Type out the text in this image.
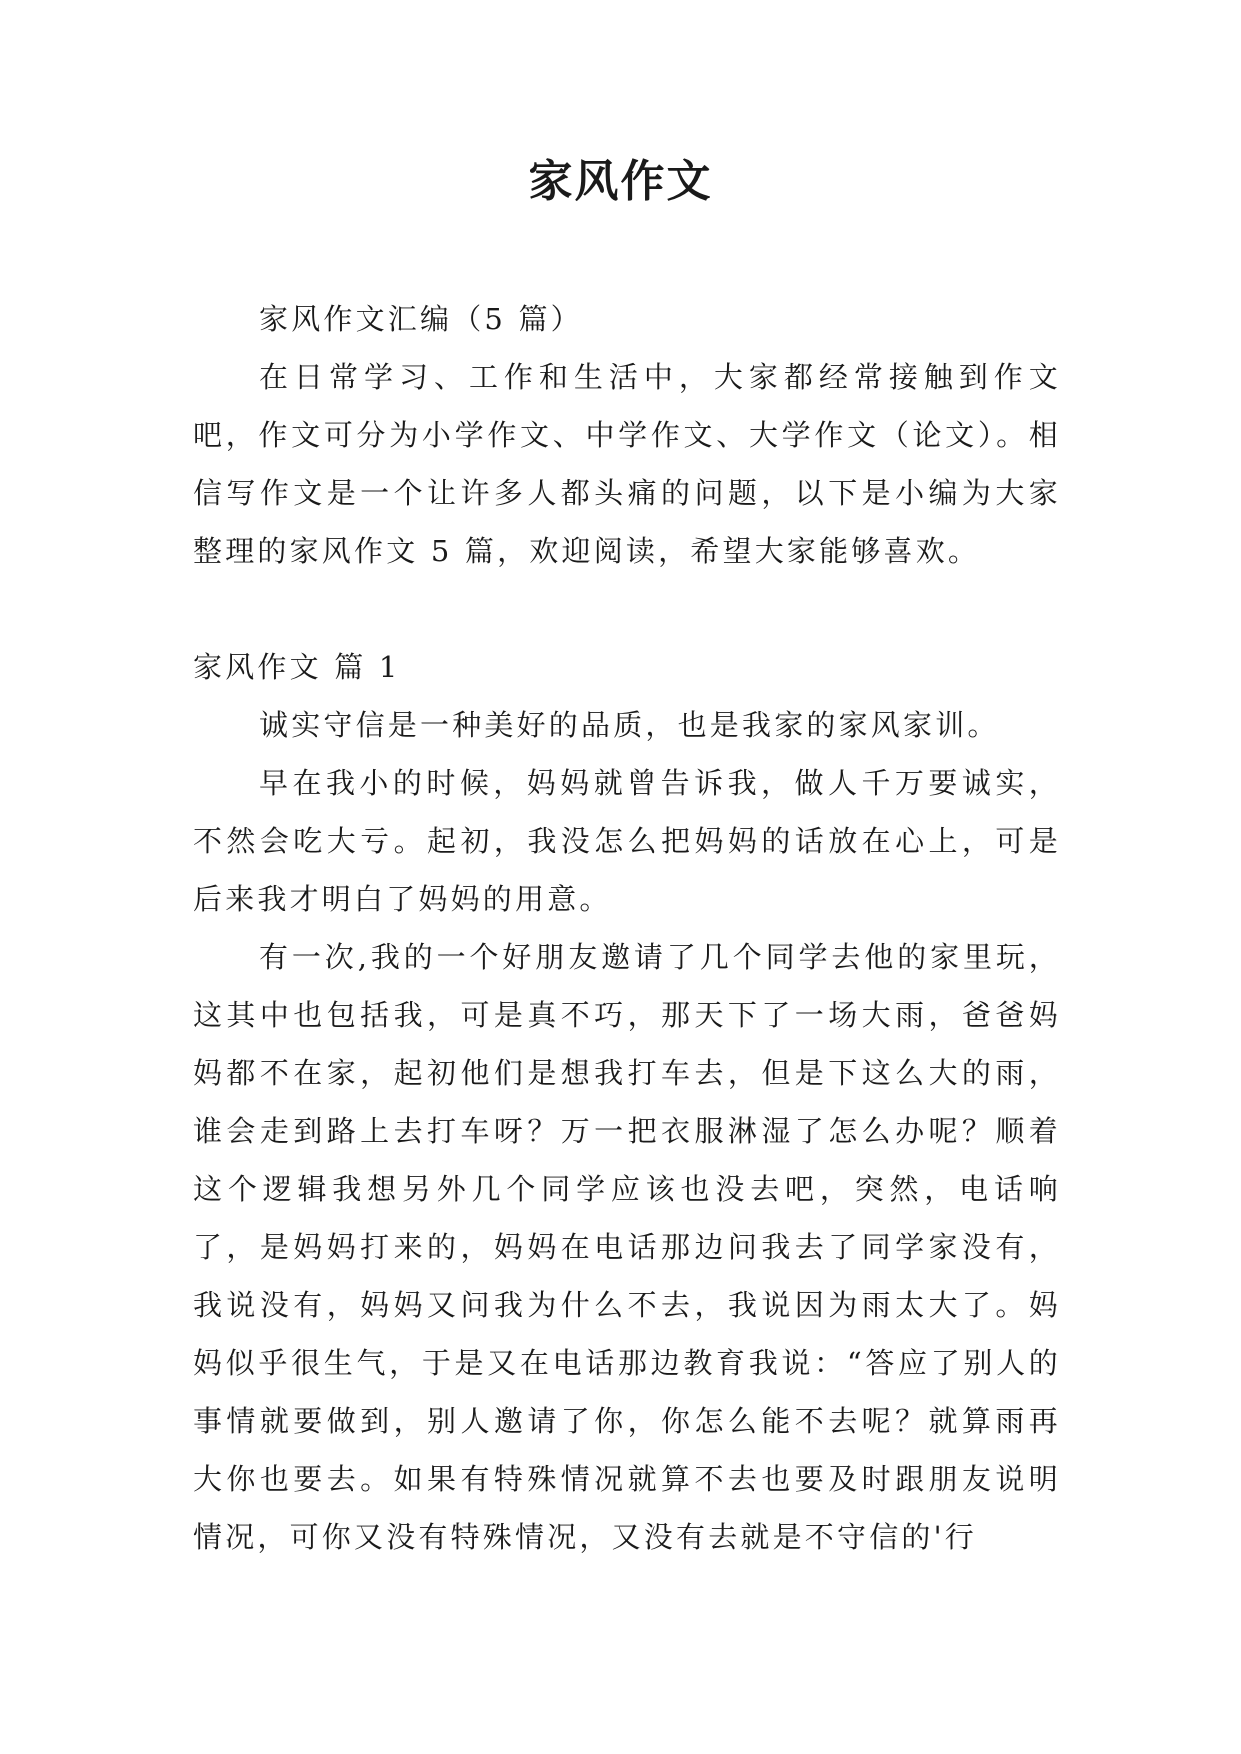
家风作文

家风作文汇编（5 篇）

在日常学习、工作和生活中，大家都经常接触到作文吧，作文可分为小学作文、中学作文、大学作文（论文）。相信写作文是一个让许多人都头痛的问题，以下是小编为大家整理的家风作文 5 篇，欢迎阅读，希望大家能够喜欢。

家风作文 篇 1

诚实守信是一种美好的品质，也是我家的家风家训。

早在我小的时候，妈妈就曾告诉我，做人千万要诚实，不然会吃大亏。起初，我没怎么把妈妈的话放在心上，可是后来我才明白了妈妈的用意。

有一次,我的一个好朋友邀请了几个同学去他的家里玩，这其中也包括我，可是真不巧，那天下了一场大雨，爸爸妈妈都不在家，起初他们是想我打车去，但是下这么大的雨，谁会走到路上去打车呀？万一把衣服淋湿了怎么办呢？顺着这个逻辑我想另外几个同学应该也没去吧，突然，电话响了，是妈妈打来的，妈妈在电话那边问我去了同学家没有，我说没有，妈妈又问我为什么不去，我说因为雨太大了。妈妈似乎很生气，于是又在电话那边教育我说：“答应了别人的事情就要做到，别人邀请了你，你怎么能不去呢？就算雨再大你也要去。如果有特殊情况就算不去也要及时跟朋友说明情况，可你又没有特殊情况，又没有去就是不守信的'行
